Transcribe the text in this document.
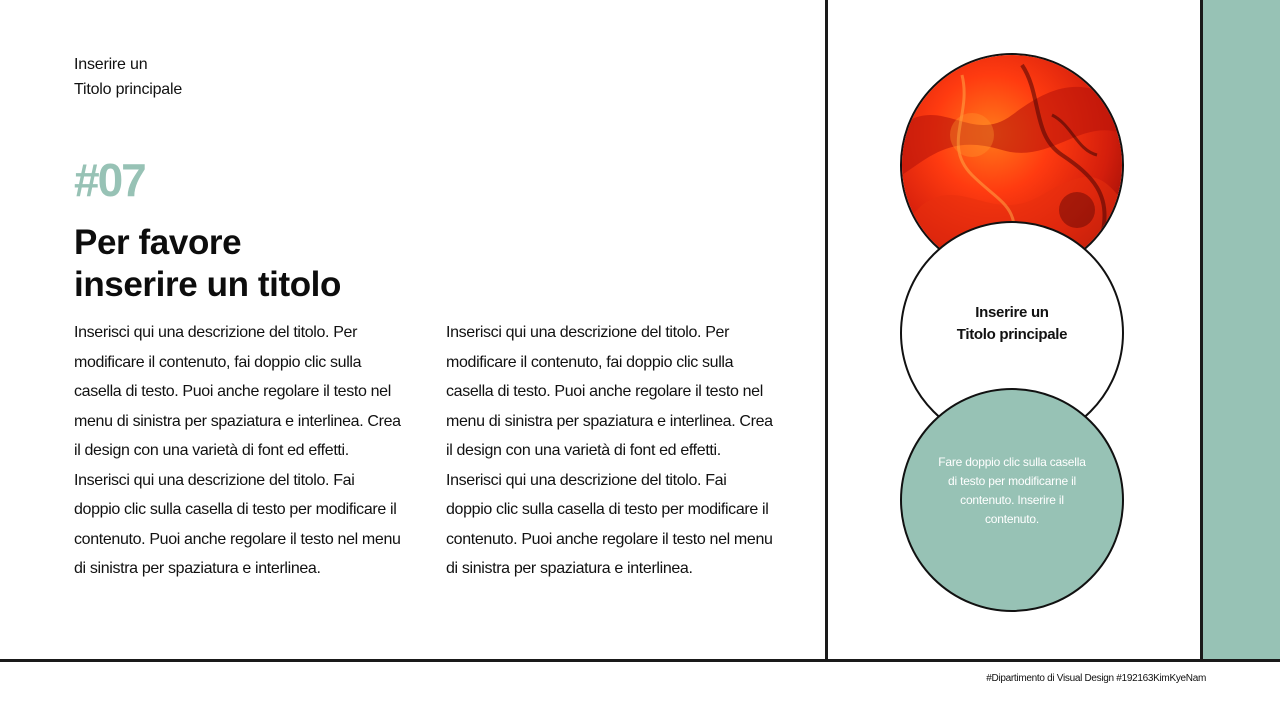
Inserire un
Titolo principale
#07
Per favore
inserire un titolo
Inserisci qui una descrizione del titolo. Per modificare il contenuto, fai doppio clic sulla casella di testo. Puoi anche regolare il testo nel menu di sinistra per spaziatura e interlinea. Crea il design con una varietà di font ed effetti. Inserisci qui una descrizione del titolo. Fai doppio clic sulla casella di testo per modificare il contenuto. Puoi anche regolare il testo nel menu di sinistra per spaziatura e interlinea.
Inserisci qui una descrizione del titolo. Per modificare il contenuto, fai doppio clic sulla casella di testo. Puoi anche regolare il testo nel menu di sinistra per spaziatura e interlinea. Crea il design con una varietà di font ed effetti. Inserisci qui una descrizione del titolo. Fai doppio clic sulla casella di testo per modificare il contenuto. Puoi anche regolare il testo nel menu di sinistra per spaziatura e interlinea.
Inserire un
Titolo principale
Fare doppio clic sulla casella di testo per modificarne il contenuto. Inserire il contenuto.
#Dipartimento di Visual Design #192163KimKyeNam
